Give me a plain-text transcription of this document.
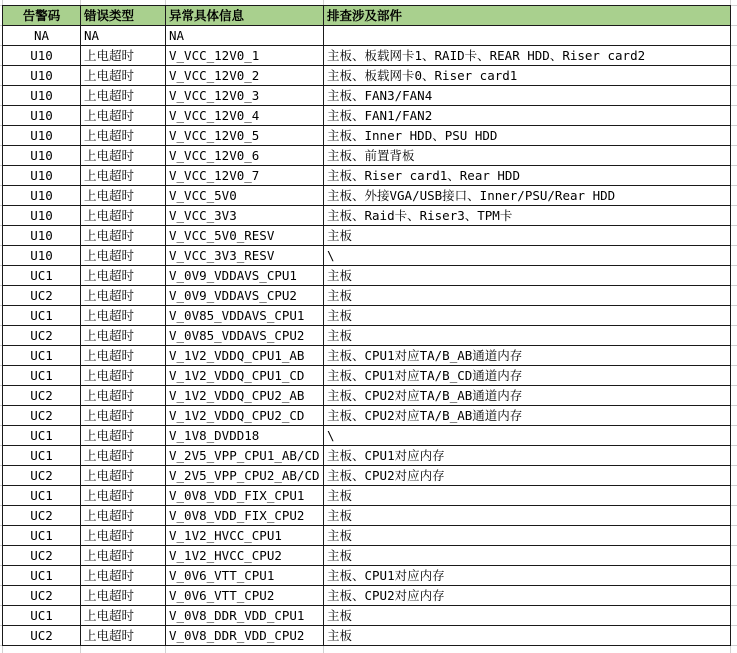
告警码	错误类型	异常具体信息	排查涉及部件
NA	NA	NA	
U10	上电超时	V_VCC_12V0_1	主板、板载网卡1、RAID卡、REAR HDD、Riser card2
U10	上电超时	V_VCC_12V0_2	主板、板载网卡0、Riser card1
U10	上电超时	V_VCC_12V0_3	主板、FAN3/FAN4
U10	上电超时	V_VCC_12V0_4	主板、FAN1/FAN2
U10	上电超时	V_VCC_12V0_5	主板、Inner HDD、PSU HDD
U10	上电超时	V_VCC_12V0_6	主板、前置背板
U10	上电超时	V_VCC_12V0_7	主板、Riser card1、Rear HDD
U10	上电超时	V_VCC_5V0	主板、外接VGA/USB接口、Inner/PSU/Rear HDD
U10	上电超时	V_VCC_3V3	主板、Raid卡、Riser3、TPM卡
U10	上电超时	V_VCC_5V0_RESV	主板
U10	上电超时	V_VCC_3V3_RESV	\
UC1	上电超时	V_0V9_VDDAVS_CPU1	主板
UC2	上电超时	V_0V9_VDDAVS_CPU2	主板
UC1	上电超时	V_0V85_VDDAVS_CPU1	主板
UC2	上电超时	V_0V85_VDDAVS_CPU2	主板
UC1	上电超时	V_1V2_VDDQ_CPU1_AB	主板、CPU1对应TA/B_AB通道内存
UC1	上电超时	V_1V2_VDDQ_CPU1_CD	主板、CPU1对应TA/B_CD通道内存
UC2	上电超时	V_1V2_VDDQ_CPU2_AB	主板、CPU2对应TA/B_AB通道内存
UC2	上电超时	V_1V2_VDDQ_CPU2_CD	主板、CPU2对应TA/B_AB通道内存
UC1	上电超时	V_1V8_DVDD18	\
UC1	上电超时	V_2V5_VPP_CPU1_AB/CD	主板、CPU1对应内存
UC2	上电超时	V_2V5_VPP_CPU2_AB/CD	主板、CPU2对应内存
UC1	上电超时	V_0V8_VDD_FIX_CPU1	主板
UC2	上电超时	V_0V8_VDD_FIX_CPU2	主板
UC1	上电超时	V_1V2_HVCC_CPU1	主板
UC2	上电超时	V_1V2_HVCC_CPU2	主板
UC1	上电超时	V_0V6_VTT_CPU1	主板、CPU1对应内存
UC2	上电超时	V_0V6_VTT_CPU2	主板、CPU2对应内存
UC1	上电超时	V_0V8_DDR_VDD_CPU1	主板
UC2	上电超时	V_0V8_DDR_VDD_CPU2	主板
